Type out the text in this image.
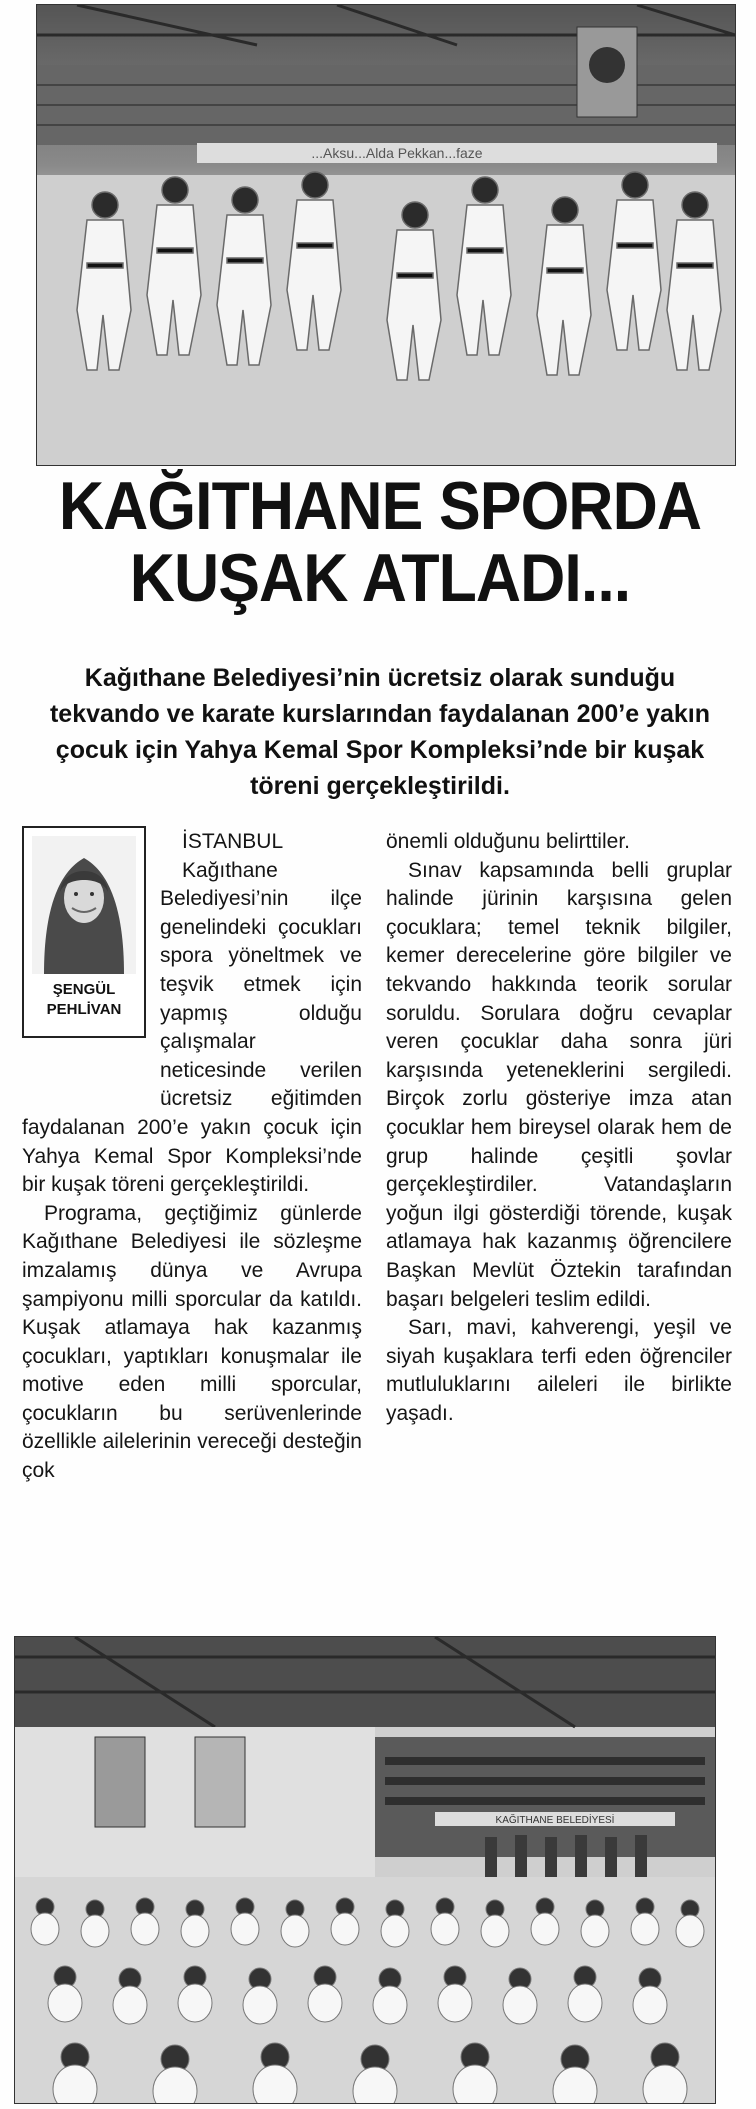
...Aksu...Alda Pekkan...faze
KAĞITHANE SPORDA
KUŞAK ATLADI...
Kağıthane Belediyesi’nin ücretsiz olarak sunduğu tekvando ve karate kurslarından faydalanan 200’e yakın çocuk için Yahya Kemal Spor Kompleksi’nde bir kuşak töreni gerçekleştirildi.
ŞENGÜL
PEHLİVAN

İSTANBUL

Kağıthane Belediyesi’nin ilçe genelindeki çocukları spora yöneltmek ve teşvik etmek için yapmış olduğu çalışmalar neticesinde verilen ücretsiz eğitimden faydalanan 200’e yakın çocuk için Yahya Kemal Spor Kompleksi’nde bir kuşak töreni gerçekleştirildi.

Programa, geçtiğimiz günlerde Kağıthane Belediyesi ile sözleşme imzalamış dünya ve Avrupa şampiyonu milli sporcular da katıldı. Kuşak atlamaya hak kazanmış çocukları, yaptıkları konuşmalar ile motive eden milli sporcular, çocukların bu serüvenlerinde özellikle ailelerinin vereceği desteğin çok

önemli olduğunu belirttiler.

Sınav kapsamında belli gruplar halinde jürinin karşısına gelen çocuklara; temel teknik bilgiler, kemer derecelerine göre bilgiler ve tekvando hakkında teorik sorular soruldu. Sorulara doğru cevaplar veren çocuklar daha sonra jüri karşısında yeteneklerini sergiledi. Birçok zorlu gösteriye imza atan çocuklar hem bireysel olarak hem de grup halinde çeşitli şovlar gerçekleştirdiler. Vatandaşların yoğun ilgi gösterdiği törende, kuşak atlamaya hak kazanmış öğrencilere Başkan Mevlüt Öztekin tarafından başarı belgeleri teslim edildi.

Sarı, mavi, kahverengi, yeşil ve siyah kuşaklara terfi eden öğrenciler mutluluklarını aileleri ile birlikte yaşadı.

KAĞITHANE BELEDİYESİ
